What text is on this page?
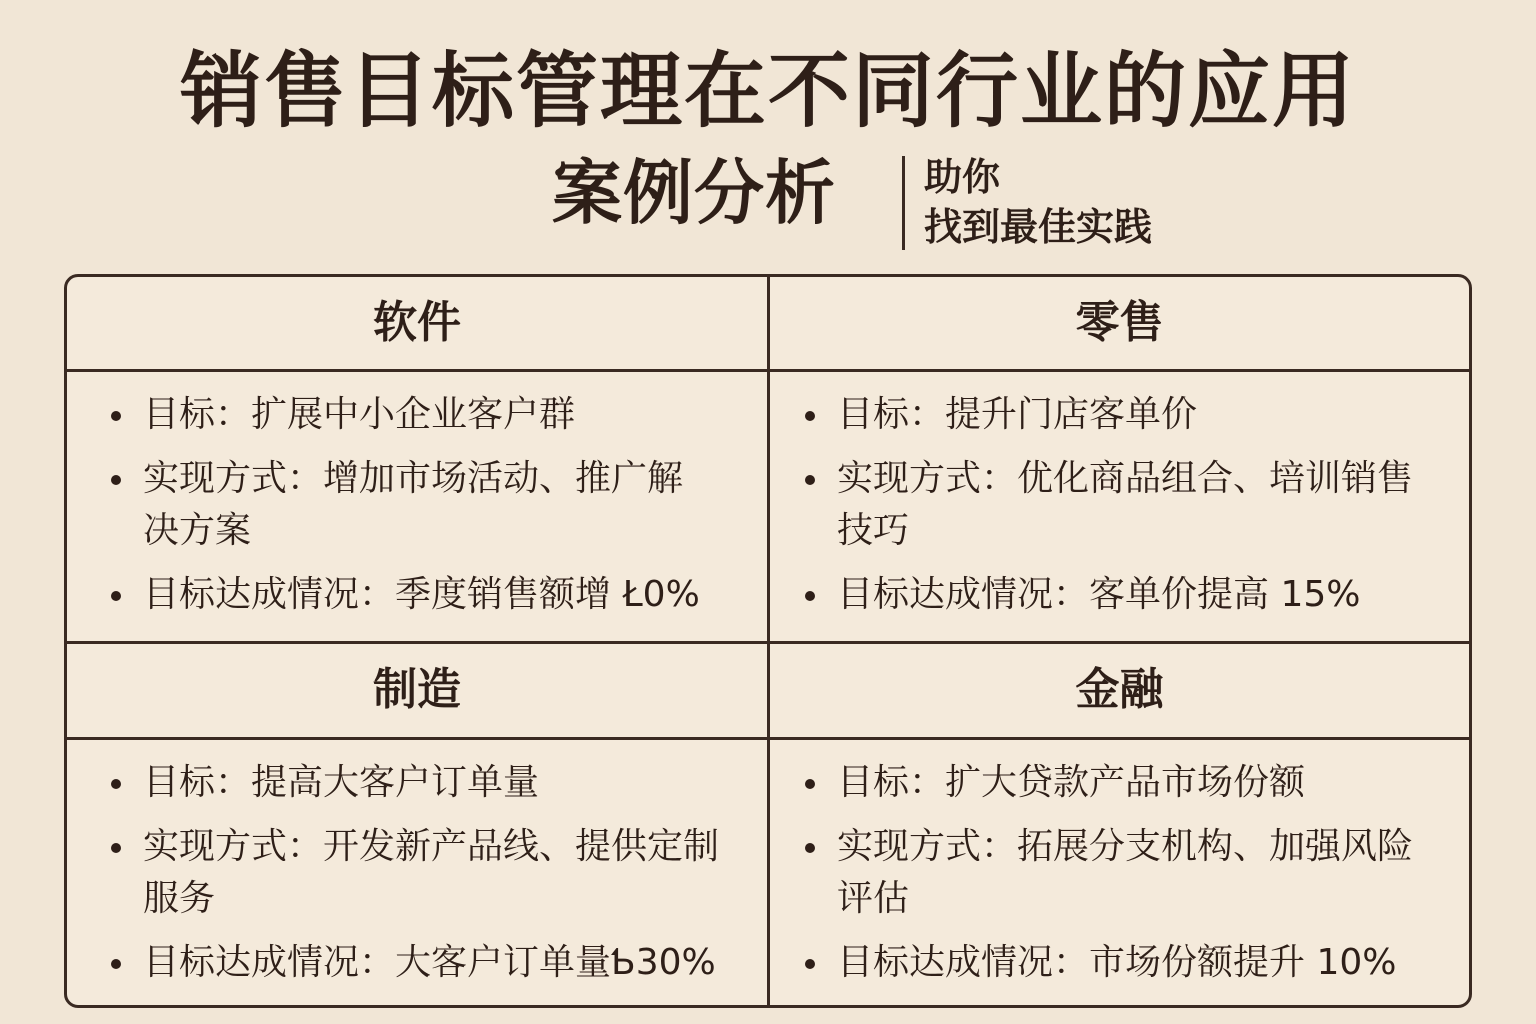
销售目标管理在不同行业的应用
案例分析 助你
找到最佳实践
软件
目标：扩展中小企业客户群
实现方式：增加市场活动、推广解决方案
目标达成情况：季度销售额增 Ł0%
零售
目标：提升门店客单价
实现方式：优化商品组合、培训销售技巧
目标达成情况：客单价提高 15%
制造
目标：提高大客户订单量
实现方式：开发新产品线、提供定制服务
目标达成情况：大客户订单量Ƅ30%
金融
目标：扩大贷款产品市场份额
实现方式：拓展分支机构、加强风险评估
目标达成情况：市场份额提升 10%
